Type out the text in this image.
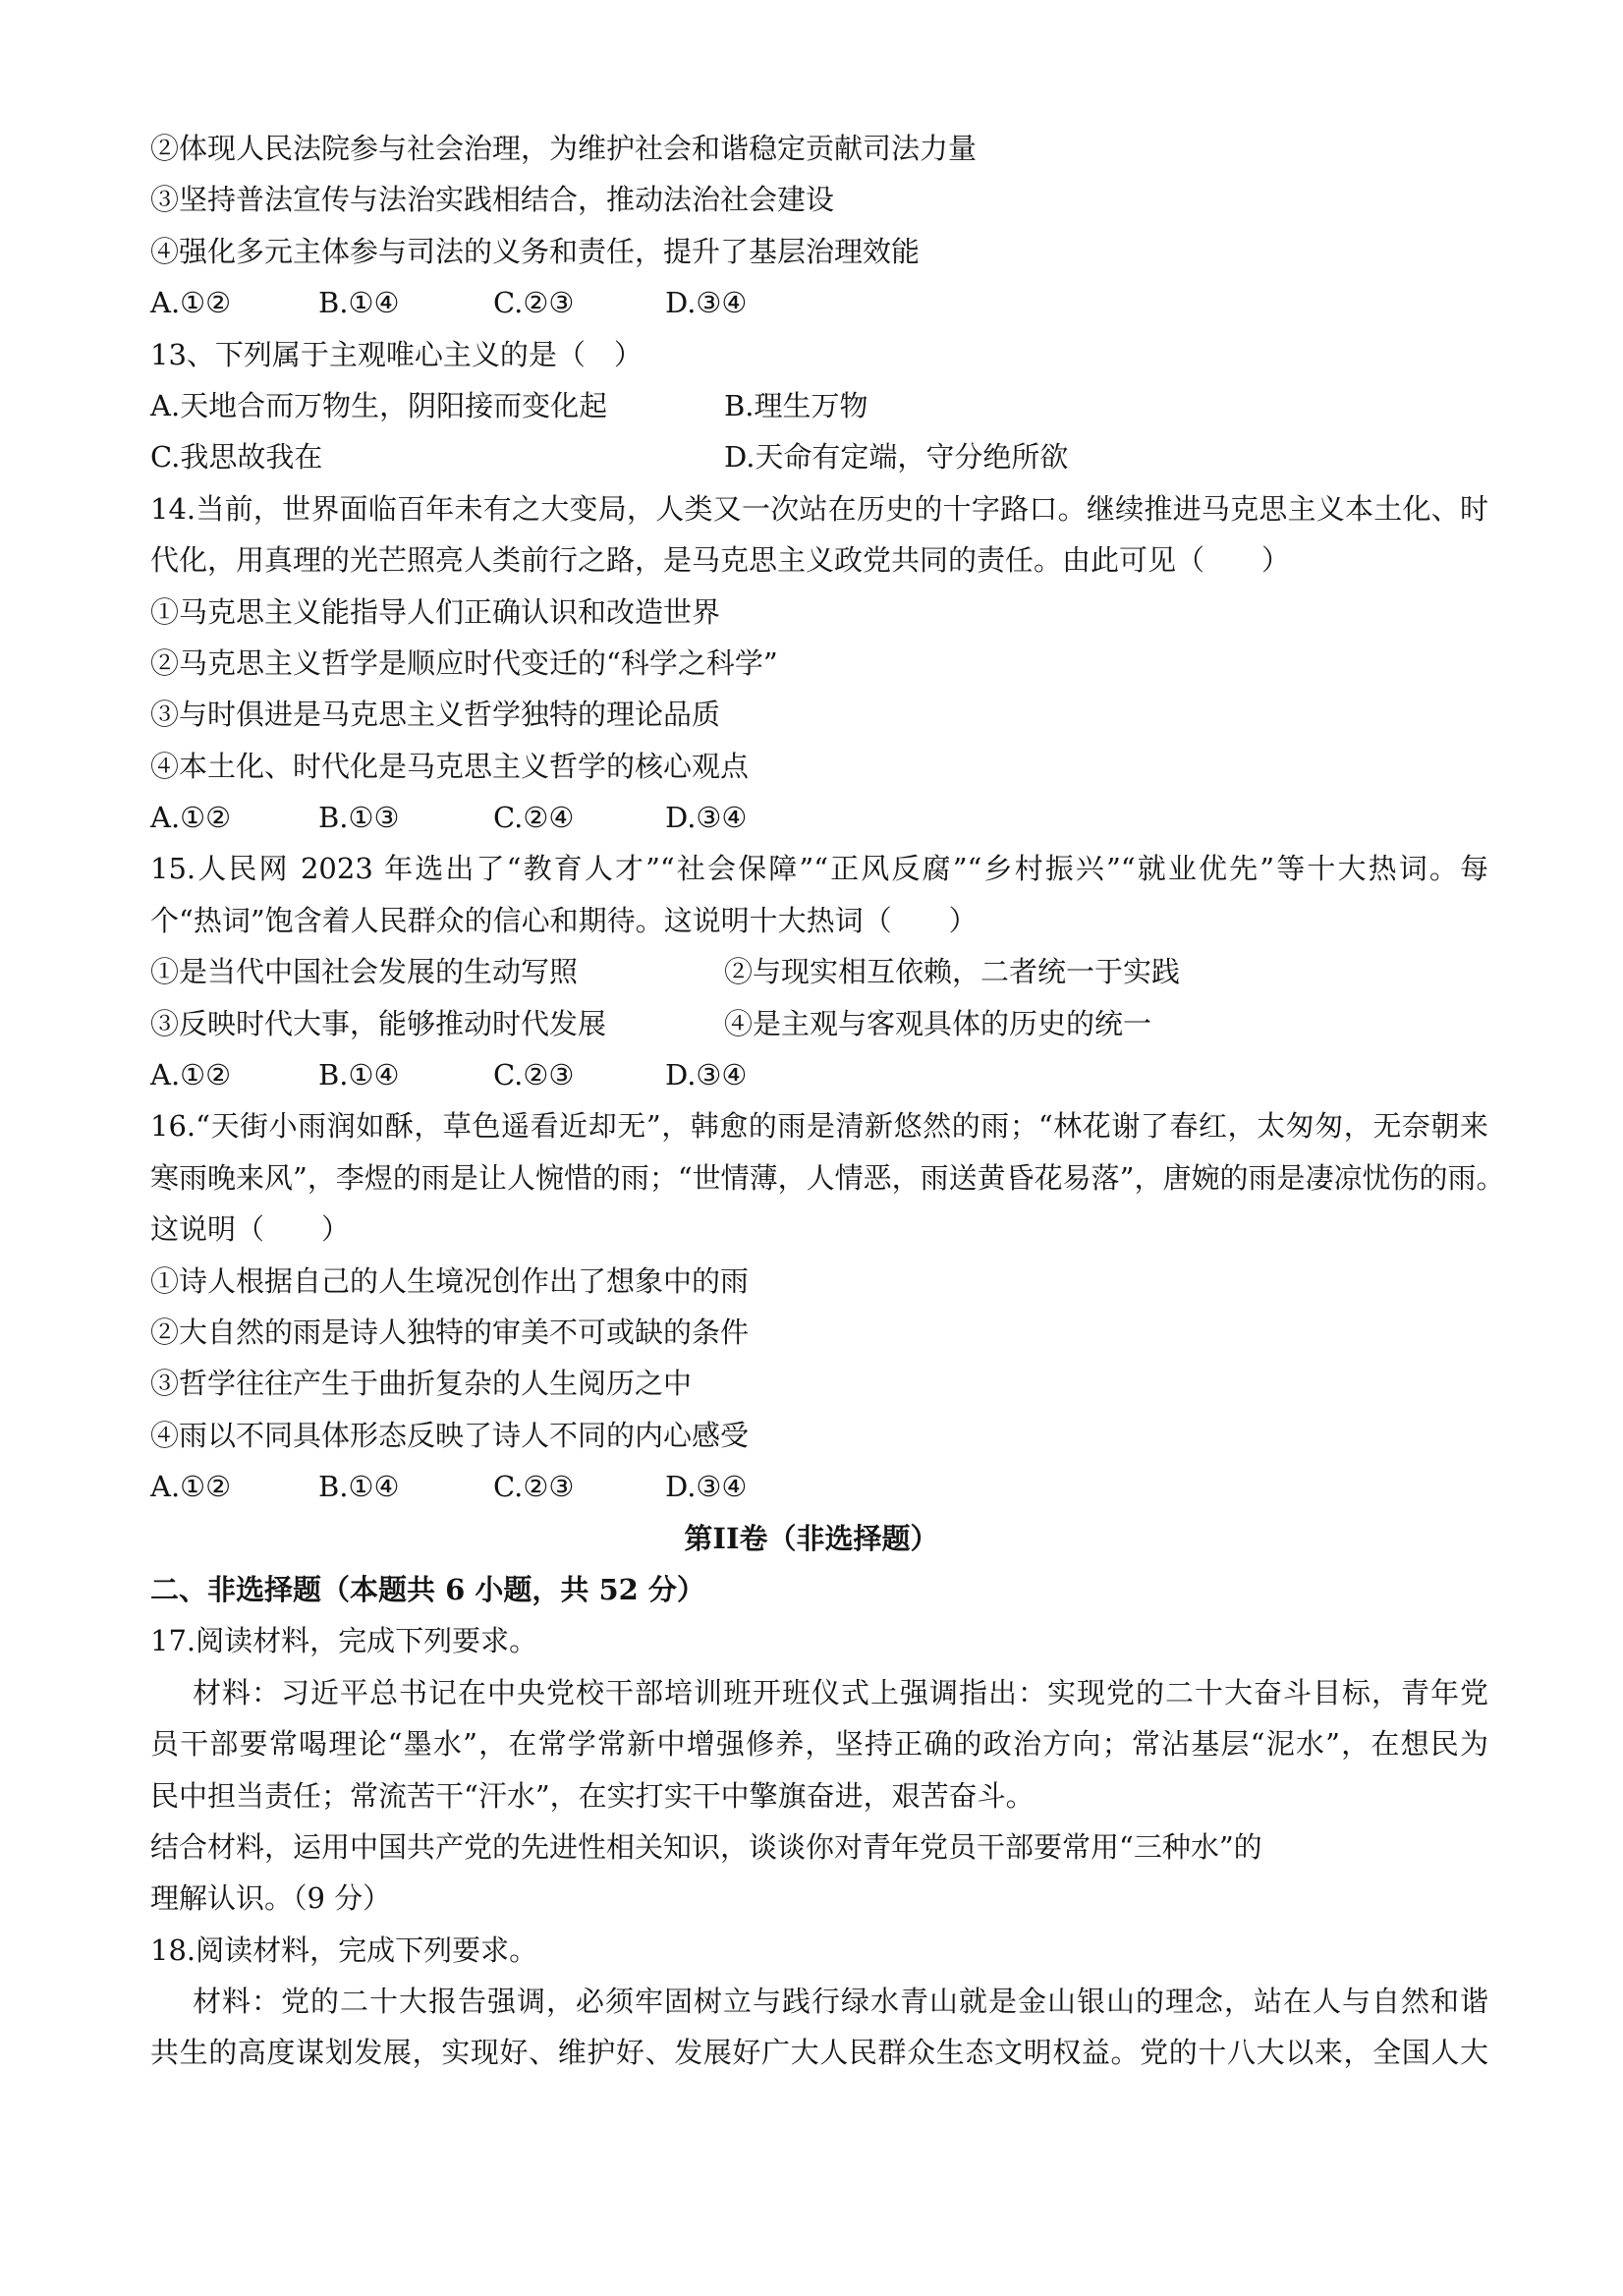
②体现人民法院参与社会治理，为维护社会和谐稳定贡献司法力量
③坚持普法宣传与法治实践相结合，推动法治社会建设
④强化多元主体参与司法的义务和责任，提升了基层治理效能
A.①②	B.①④	C.②③	D.③④
13、下列属于主观唯心主义的是（　）
A.天地合而万物生，阴阳接而变化起	B.理生万物
C.我思故我在	D.天命有定端，守分绝所欲
14.当前，世界面临百年未有之大变局，人类又一次站在历史的十字路口。继续推进马克思主义本土化、时
代化，用真理的光芒照亮人类前行之路，是马克思主义政党共同的责任。由此可见（　　）
①马克思主义能指导人们正确认识和改造世界
②马克思主义哲学是顺应时代变迁的“科学之科学”
③与时俱进是马克思主义哲学独特的理论品质
④本土化、时代化是马克思主义哲学的核心观点
A.①②	B.①③	C.②④	D.③④
15.人民网 2023 年选出了“教育人才”“社会保障”“正风反腐”“乡村振兴”“就业优先”等十大热词。每
个“热词”饱含着人民群众的信心和期待。这说明十大热词（　　）
①是当代中国社会发展的生动写照	②与现实相互依赖，二者统一于实践
③反映时代大事，能够推动时代发展	④是主观与客观具体的历史的统一
A.①②	B.①④	C.②③	D.③④
16.“天街小雨润如酥，草色遥看近却无”，韩愈的雨是清新悠然的雨；“林花谢了春红，太匆匆，无奈朝来
寒雨晚来风”，李煜的雨是让人惋惜的雨；“世情薄，人情恶，雨送黄昏花易落”，唐婉的雨是凄凉忧伤的雨。
这说明（　　）
①诗人根据自己的人生境况创作出了想象中的雨
②大自然的雨是诗人独特的审美不可或缺的条件
③哲学往往产生于曲折复杂的人生阅历之中
④雨以不同具体形态反映了诗人不同的内心感受
A.①②	B.①④	C.②③	D.③④
第II卷（非选择题）
二、非选择题（本题共 6 小题，共 52 分）
17.阅读材料，完成下列要求。
材料：习近平总书记在中央党校干部培训班开班仪式上强调指出：实现党的二十大奋斗目标，青年党
员干部要常喝理论“墨水”，在常学常新中增强修养，坚持正确的政治方向；常沾基层“泥水”，在想民为
民中担当责任；常流苦干“汗水”，在实打实干中擎旗奋进，艰苦奋斗。
结合材料，运用中国共产党的先进性相关知识，谈谈你对青年党员干部要常用“三种水”的
理解认识。（9 分）
18.阅读材料，完成下列要求。
材料：党的二十大报告强调，必须牢固树立与践行绿水青山就是金山银山的理念，站在人与自然和谐
共生的高度谋划发展，实现好、维护好、发展好广大人民群众生态文明权益。党的十八大以来，全国人大
